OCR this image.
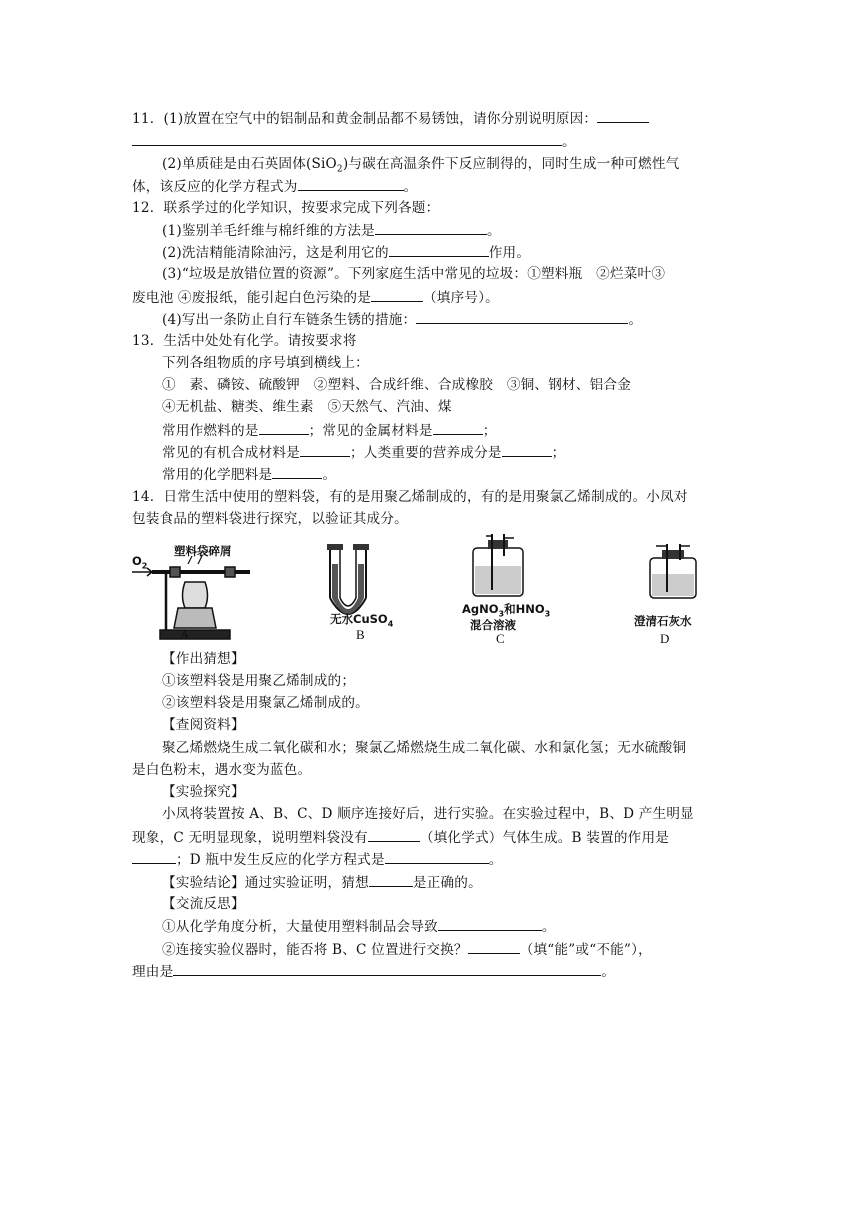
11．(1)放置在空气中的铝制品和黄金制品都不易锈蚀，请你分别说明原因：
。
(2)单质硅是由石英固体(SiO$_2$)与碳在高温条件下反应制得的，同时生成一种可燃性气
体，该反应的化学方程式为	。
12．联系学过的化学知识，按要求完成下列各题：
(1)鉴别羊毛纤维与棉纤维的方法是	。
(2)洗洁精能清除油污，这是利用它的	作用。
(3)“垃圾是放错位置的资源”。下列家庭生活中常见的垃圾：①塑料瓶　②烂菜叶③
废电池 ④废报纸，能引起白色污染的是	（填序号）。
(4)写出一条防止自行车链条生锈的措施：	。
13．生活中处处有化学。请按要求将
下列各组物质的序号填到横线上：
①　素、磷铵、硫酸钾　②塑料、合成纤维、合成橡胶　③铜、钢材、铝合金
④无机盐、糖类、维生素　⑤天然气、汽油、煤
常用作燃料的是	；常见的金属材料是	；
常见的有机合成材料是	；人类重要的营养成分是	；
常用的化学肥料是	。
14．日常生活中使用的塑料袋，有的是用聚乙烯制成的，有的是用聚氯乙烯制成的。小凤对
包装食品的塑料袋进行探究，以验证其成分。
$O_2$
塑料袋碎屑
无水CuSO$_4$
AgNO$_3$和$HNO_3$
混合溶液	澄清石灰水
A	B	C	D
【作出猜想】
①该塑料袋是用聚乙烯制成的；
②该塑料袋是用聚氯乙烯制成的。
【查阅资料】
聚乙烯燃烧生成二氧化碳和水；聚氯乙烯燃烧生成二氧化碳、水和氯化氢；无水硫酸铜
是白色粉末，遇水变为蓝色。
【实验探究】
小凤将装置按 A、B、C、D 顺序连接好后，进行实验。在实验过程中，B、D 产生明显
现象，C 无明显现象，说明塑料袋没有	（填化学式）气体生成。B 装置的作用是
；D 瓶中发生反应的化学方程式是	。
【实验结论】通过实验证明，猜想	是正确的。
【交流反思】
①从化学角度分析，大量使用塑料制品会导致	。
②连接实验仪器时，能否将 B、C 位置进行交换？	（填“能”或“不能”），
理由是	。
